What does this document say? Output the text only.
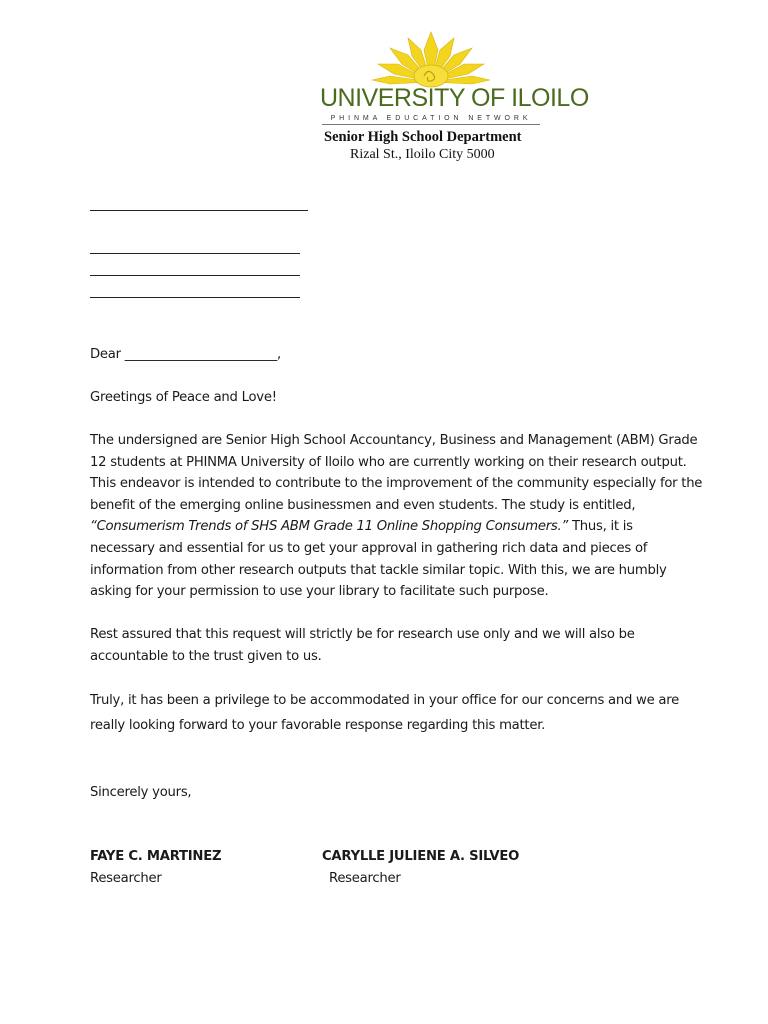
UNIVERSITY OF ILOILO
PHINMA EDUCATION NETWORK
Senior High School Department
Rizal St., Iloilo City 5000
Dear ________________________,
Greetings of Peace and Love!
The undersigned are Senior High School Accountancy, Business and Management (ABM) Grade
12 students at PHINMA University of Iloilo who are currently working on their research output.
This endeavor is intended to contribute to the improvement of the community especially for the
benefit of the emerging online businessmen and even students. The study is entitled,
“Consumerism Trends of SHS ABM Grade 11 Online Shopping Consumers.” Thus, it is
necessary and essential for us to get your approval in gathering rich data and pieces of
information from other research outputs that tackle similar topic. With this, we are humbly
asking for your permission to use your library to facilitate such purpose.
Rest assured that this request will strictly be for research use only and we will also be
accountable to the trust given to us.
Truly, it has been a privilege to be accommodated in your office for our concerns and we are
really looking forward to your favorable response regarding this matter.
Sincerely yours,
FAYE C. MARTINEZ
Researcher
CARYLLE JULIENE A. SILVEO
Researcher
